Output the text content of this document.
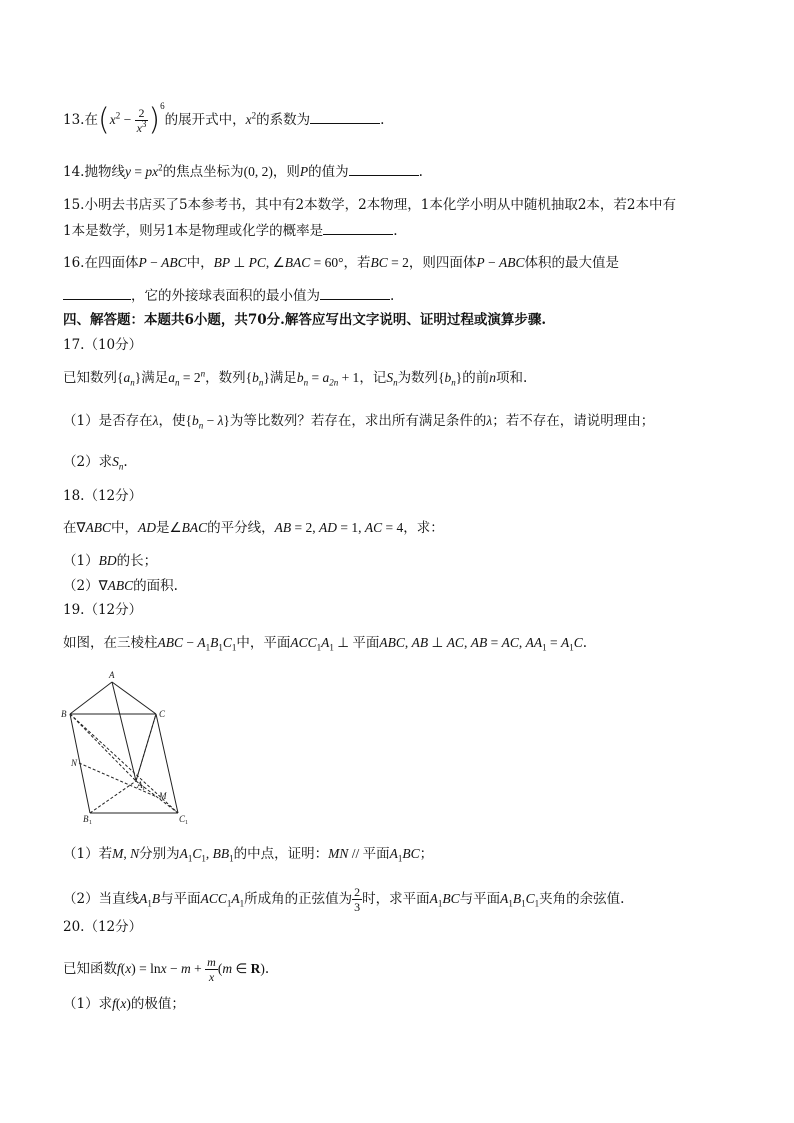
13.在$(x^2 - \frac{2}{x^3} )^6$的展开式中，$x^2$的系数为	.
14.抛物线$y = px^2$的焦点坐标为(0, 2)，则P的值为	.
15.小明去书店买了5本参考书，其中有2本数学，2本物理，1本化学小明从中随机抽取2本，若2本中有
1本是数学，则另1本是物理或化学的概率是	.
16.在四面体P − ABC中，BP ⊥ PC, ∠BAC = 60°，若BC = 2，则四面体P − ABC体积的最大值是
，它的外接球表面积的最小值为	.
四、解答题：本题共6小题，共70分.解答应写出文字说明、证明过程或演算步骤.
17.（10分）
已知数列$\{a_n\}$满足$a_n = 2^n$，数列$\{b_n\}$满足$b_n = a_{2n} + 1$，记$S_n$为数列$\{b_n\}$的前n项和.
（1）是否存在λ，使$\{b_n - \lambda\}$为等比数列？若存在，求出所有满足条件的λ；若不存在，请说明理由；
（2）求$S_n$.
18.（12分）
在∇ABC中，AD是∠BAC的平分线，AB = 2, AD = 1, AC = 4，求：
（1）BD的长；
（2）∇ABC的面积.
19.（12分）
如图，在三棱柱ABC − $A_1B_1C_1$中，平面$ACC_1A_1$ ⊥ 平面ABC, AB ⊥ AC, AB = AC, $AA_1 = A_1C$.
A
B	C
N
A 1
M
B 1	C 1
（1）若M, N分别为$A_1C_1$, $BB_1$的中点，证明：MN // 平面$A_1BC$；
（2）当直线$A_1B$与平面$ACC_1A_1$所成角的正弦值为 $\frac{2}{3}$ 时，求平面$A_1BC$与平面$A_1B_1C_1$夹角的余弦值.
20.（12分）
已知函数$f(x) = \ln x - m + \frac{m}{x} (m$ ∈ R).
（1）求f(x)的极值；
